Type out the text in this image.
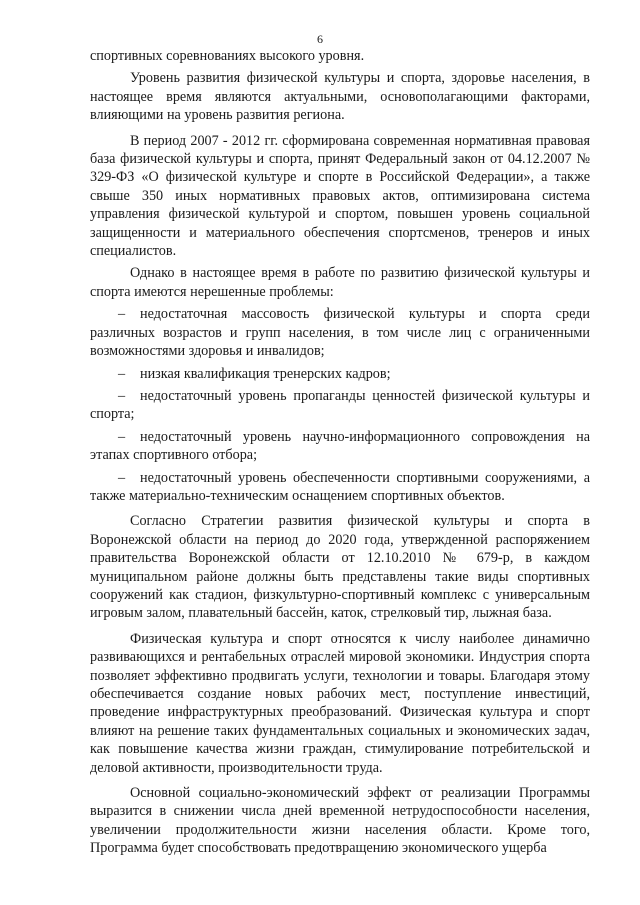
6

спортивных соревнованиях высокого уровня.

Уровень развития физической культуры и спорта, здоровье населения, в настоящее время являются актуальными, основополагающими факторами, влияющими на уровень развития региона.

В период 2007 - 2012 гг. сформирована современная нормативная правовая база физической культуры и спорта, принят Федеральный закон от 04.12.2007 № 329-ФЗ «О физической культуре и спорте в Российской Федерации», а также свыше 350 иных нормативных правовых актов, оптимизирована система управления физической культурой и спортом, повышен уровень социальной защищенности и материального обеспечения спортсменов, тренеров и иных специалистов.

Однако в настоящее время в работе по развитию физической культуры и спорта имеются нерешенные проблемы:

– недостаточная массовость физической культуры и спорта среди различных возрастов и групп населения, в том числе лиц с ограниченными возможностями здоровья и инвалидов;

– низкая квалификация тренерских кадров;

– недостаточный уровень пропаганды ценностей физической культуры и спорта;

– недостаточный уровень научно-информационного сопровождения на этапах спортивного отбора;

– недостаточный уровень обеспеченности спортивными сооружениями, а также материально-техническим оснащением спортивных объектов.

Согласно Стратегии развития физической культуры и спорта в Воронежской области на период до 2020 года, утвержденной распоряжением правительства Воронежской области от 12.10.2010 № 679-р, в каждом муниципальном районе должны быть представлены такие виды спортивных сооружений как стадион, физкультурно-спортивный комплекс с универсальным игровым залом, плавательный бассейн, каток, стрелковый тир, лыжная база.

Физическая культура и спорт относятся к числу наиболее динамично развивающихся и рентабельных отраслей мировой экономики. Индустрия спорта позволяет эффективно продвигать услуги, технологии и товары. Благодаря этому обеспечивается создание новых рабочих мест, поступление инвестиций, проведение инфраструктурных преобразований. Физическая культура и спорт влияют на решение таких фундаментальных социальных и экономических задач, как повышение качества жизни граждан, стимулирование потребительской и деловой активности, производительности труда.

Основной социально-экономический эффект от реализации Программы выразится в снижении числа дней временной нетрудоспособности населения, увеличении продолжительности жизни населения области. Кроме того, Программа будет способствовать предотвращению экономического ущерба
